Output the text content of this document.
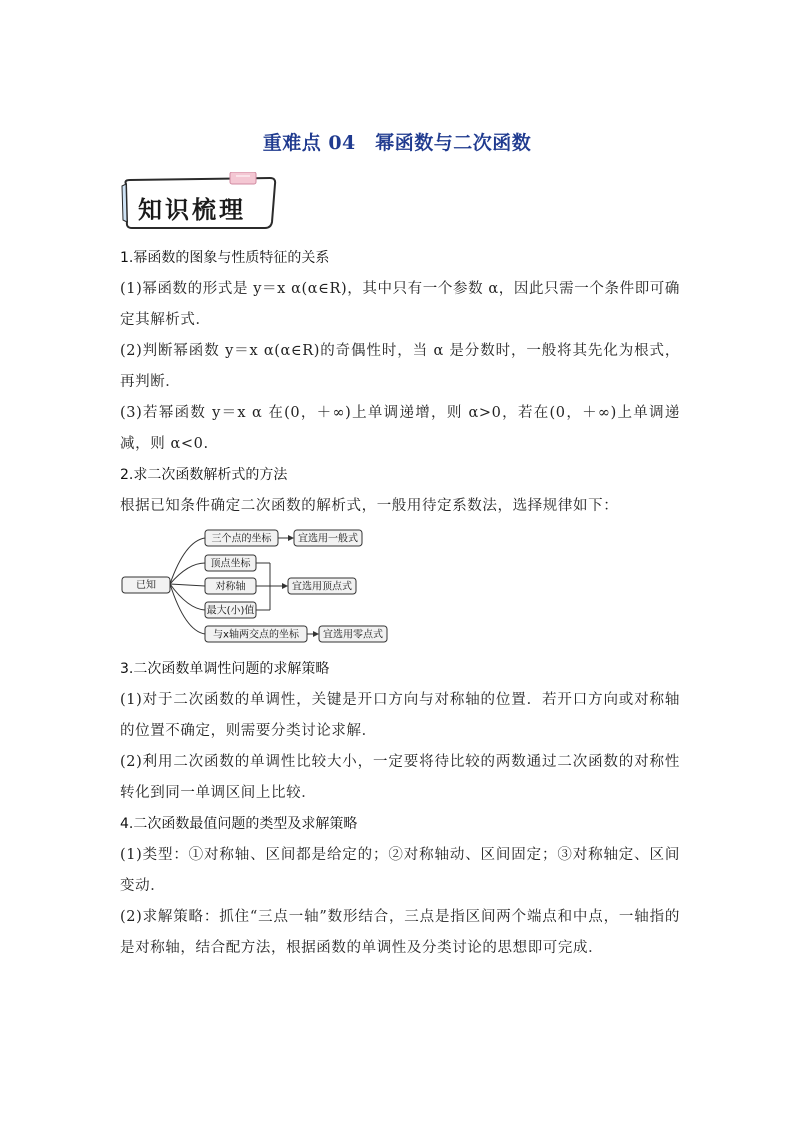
重难点 04　幂函数与二次函数
知识梳理
1.幂函数的图象与性质特征的关系
(1)幂函数的形式是 y＝x α(α∈R)，其中只有一个参数 α，因此只需一个条件即可确定其解析式．
(2)判断幂函数 y＝x α(α∈R)的奇偶性时，当 α 是分数时，一般将其先化为根式，再判断．
(3)若幂函数 y＝x α 在(0，＋∞)上单调递增，则 α>0，若在(0，＋∞)上单调递减，则 α<0.
2.求二次函数解析式的方法
根据已知条件确定二次函数的解析式，一般用待定系数法，选择规律如下：
已知
三个点的坐标
顶点坐标
对称轴
最大(小)值
与x轴两交点的坐标
宜选用一般式
宜选用顶点式
宜选用零点式
3.二次函数单调性问题的求解策略
(1)对于二次函数的单调性，关键是开口方向与对称轴的位置．若开口方向或对称轴的位置不确定，则需要分类讨论求解．
(2)利用二次函数的单调性比较大小，一定要将待比较的两数通过二次函数的对称性转化到同一单调区间上比较．
4.二次函数最值问题的类型及求解策略
(1)类型：①对称轴、区间都是给定的；②对称轴动、区间固定；③对称轴定、区间变动．
(2)求解策略：抓住“三点一轴”数形结合，三点是指区间两个端点和中点，一轴指的是对称轴，结合配方法，根据函数的单调性及分类讨论的思想即可完成．
